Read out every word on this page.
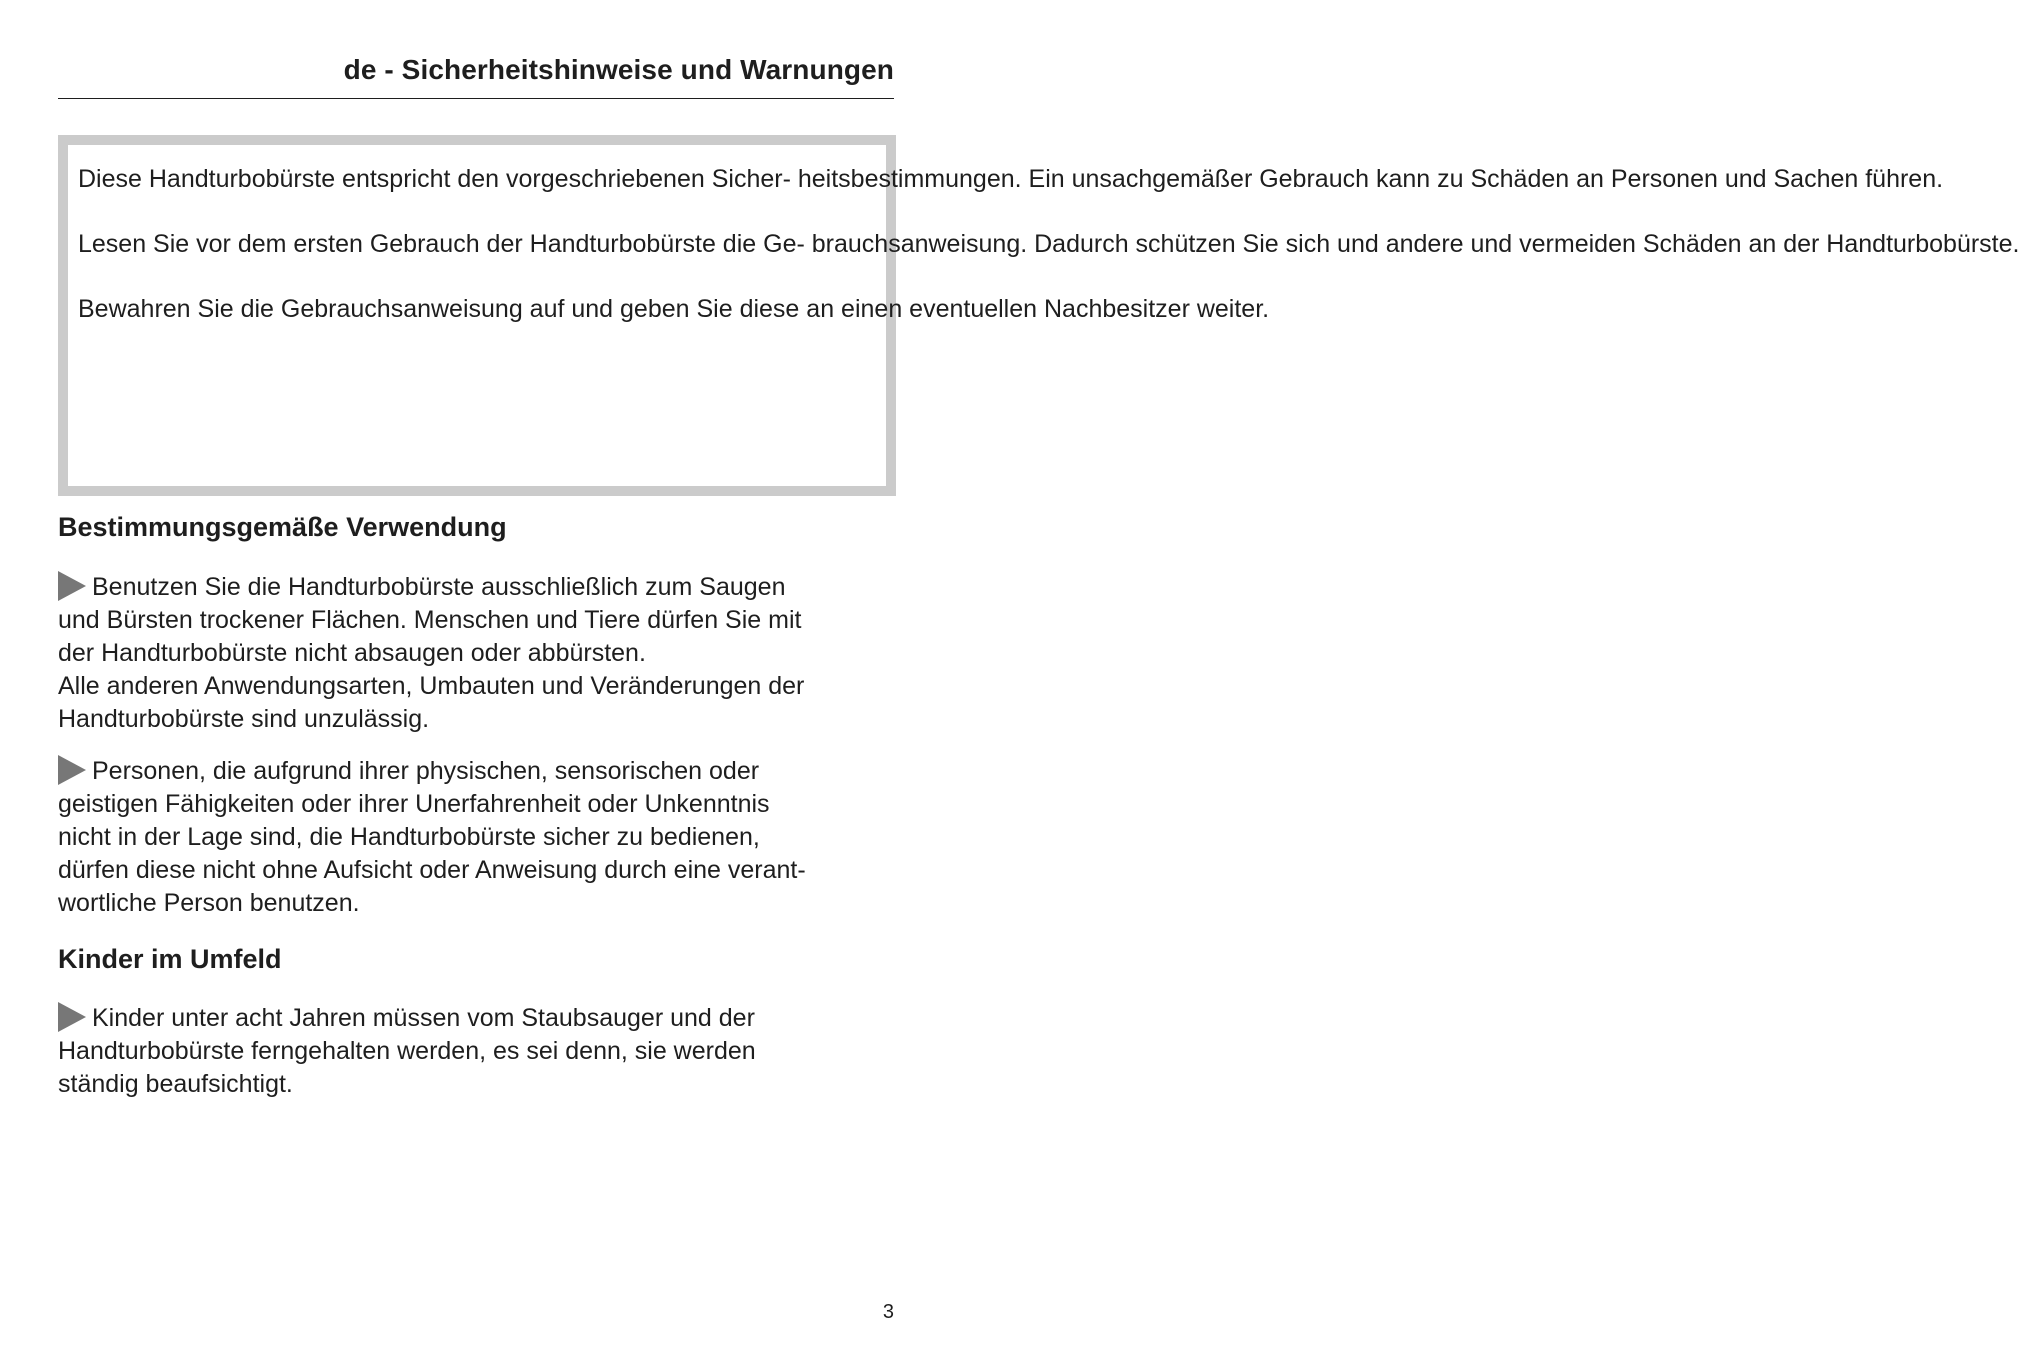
de - Sicherheitshinweise und Warnungen

Diese Handturbobürste entspricht den vorgeschriebenen Sicher- heitsbestimmungen. Ein unsachgemäßer Gebrauch kann zu Schäden an Personen und Sachen führen.

Lesen Sie vor dem ersten Gebrauch der Handturbobürste die Ge- brauchsanweisung. Dadurch schützen Sie sich und andere und vermeiden Schäden an der Handturbobürste.

Bewahren Sie die Gebrauchsanweisung auf und geben Sie diese an einen eventuellen Nachbesitzer weiter.

Bestimmungsgemäße Verwendung

Benutzen Sie die Handturbobürste ausschließlich zum Saugen
und Bürsten trockener Flächen. Menschen und Tiere dürfen Sie mit
der Handturbobürste nicht absaugen oder abbürsten.
Alle anderen Anwendungsarten, Umbauten und Veränderungen der
Handturbobürste sind unzulässig.

Personen, die aufgrund ihrer physischen, sensorischen oder
geistigen Fähigkeiten oder ihrer Unerfahrenheit oder Unkenntnis
nicht in der Lage sind, die Handturbobürste sicher zu bedienen,
dürfen diese nicht ohne Aufsicht oder Anweisung durch eine verant-
wortliche Person benutzen.

Kinder im Umfeld

Kinder unter acht Jahren müssen vom Staubsauger und der
Handturbobürste ferngehalten werden, es sei denn, sie werden
ständig beaufsichtigt.

3
